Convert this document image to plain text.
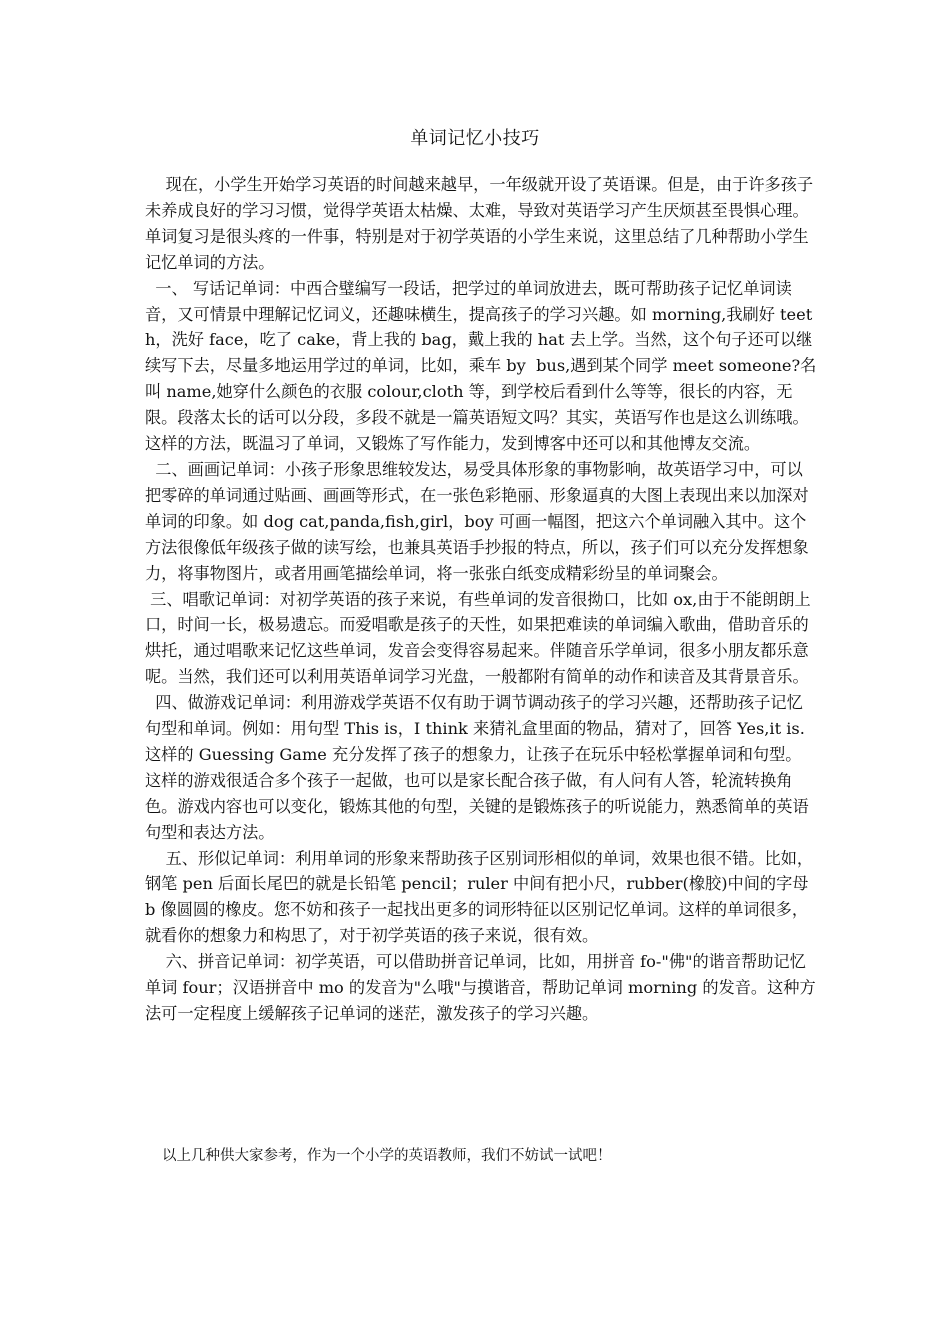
单词记忆小技巧

现在，小学生开始学习英语的时间越来越早，一年级就开设了英语课。但是，由于许多孩子未养成良好的学习习惯，觉得学英语太枯燥、太难，导致对英语学习产生厌烦甚至畏惧心理。 单词复习是很头疼的一件事，特别是对于初学英语的小学生来说，这里总结了几种帮助小学生记忆单词的方法。

一、 写话记单词：中西合璧编写一段话，把学过的单词放进去，既可帮助孩子记忆单词读音，又可情景中理解记忆词义，还趣味横生，提高孩子的学习兴趣。如 morning,我刷好 teeth，洗好 face，吃了 cake，背上我的 bag，戴上我的 hat 去上学。当然，这个句子还可以继续写下去，尽量多地运用学过的单词，比如，乘车 by  bus,遇到某个同学 meet someone?名叫 name,她穿什么颜色的衣服 colour,cloth 等，到学校后看到什么等等，很长的内容，无限。段落太长的话可以分段，多段不就是一篇英语短文吗？其实，英语写作也是这么训练哦。这样的方法，既温习了单词，又锻炼了写作能力，发到博客中还可以和其他博友交流。

二、画画记单词：小孩子形象思维较发达，易受具体形象的事物影响，故英语学习中，可以把零碎的单词通过贴画、画画等形式，在一张色彩艳丽、形象逼真的大图上表现出来以加深对单词的印象。如 dog cat,panda,fish,girl，boy 可画一幅图，把这六个单词融入其中。这个方法很像低年级孩子做的读写绘，也兼具英语手抄报的特点，所以，孩子们可以充分发挥想象力，将事物图片，或者用画笔描绘单词，将一张张白纸变成精彩纷呈的单词聚会。

三、唱歌记单词：对初学英语的孩子来说，有些单词的发音很拗口，比如 ox,由于不能朗朗上口，时间一长，极易遗忘。而爱唱歌是孩子的天性，如果把难读的单词编入歌曲，借助音乐的烘托，通过唱歌来记忆这些单词，发音会变得容易起来。伴随音乐学单词，很多小朋友都乐意呢。当然，我们还可以利用英语单词学习光盘，一般都附有简单的动作和读音及其背景音乐。

四、做游戏记单词：利用游戏学英语不仅有助于调节调动孩子的学习兴趣，还帮助孩子记忆句型和单词。例如：用句型 This is，I think 来猜礼盒里面的物品，猜对了，回答 Yes,it is.这样的 Guessing Game 充分发挥了孩子的想象力，让孩子在玩乐中轻松掌握单词和句型。这样的游戏很适合多个孩子一起做，也可以是家长配合孩子做，有人问有人答，轮流转换角色。游戏内容也可以变化，锻炼其他的句型，关键的是锻炼孩子的听说能力，熟悉简单的英语句型和表达方法。

五、形似记单词：利用单词的形象来帮助孩子区别词形相似的单词，效果也很不错。比如，钢笔 pen 后面长尾巴的就是长铅笔 pencil；ruler 中间有把小尺，rubber(橡胶)中间的字母 b 像圆圆的橡皮。您不妨和孩子一起找出更多的词形特征以区别记忆单词。这样的单词很多，就看你的想象力和构思了，对于初学英语的孩子来说，很有效。

六、拼音记单词：初学英语，可以借助拼音记单词，比如，用拼音 fo-"佛"的谐音帮助记忆单词 four；汉语拼音中 mo 的发音为"么哦"与摸谐音，帮助记单词 morning 的发音。这种方法可一定程度上缓解孩子记单词的迷茫，激发孩子的学习兴趣。

以上几种供大家参考，作为一个小学的英语教师，我们不妨试一试吧！
